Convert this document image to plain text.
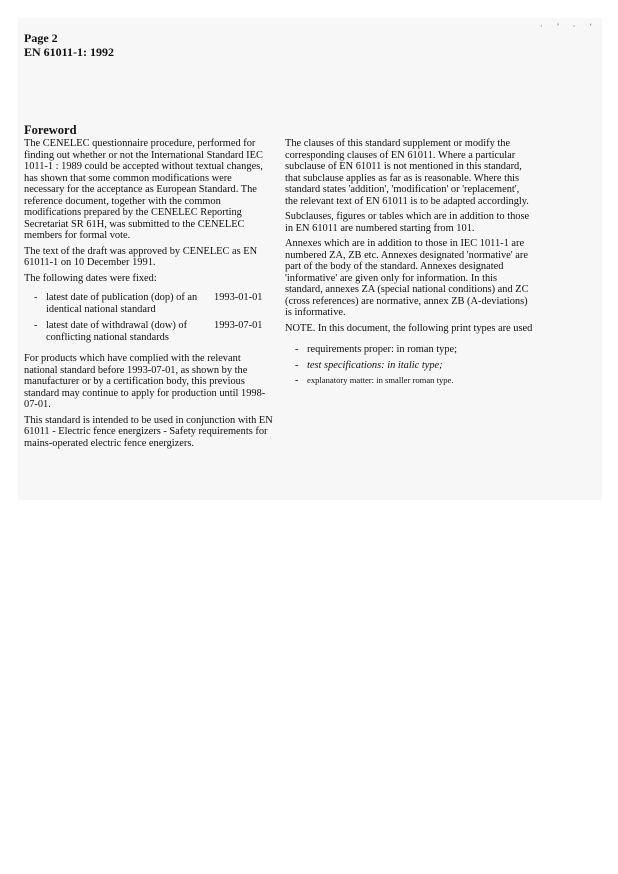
· ’ · ‘
Page 2
EN 61011-1: 1992
Foreword

The CENELEC questionnaire procedure, performed for finding out whether or not the International Standard IEC 1011-1 : 1989 could be accepted without textual changes, has shown that some common modifications were necessary for the acceptance as European Standard. The reference document, together with the common modifications prepared by the CENELEC Reporting Secretariat SR 61H, was submitted to the CENELEC members for formal vote.

The text of the draft was approved by CENELEC as EN 61011-1 on 10 December 1991.

The following dates were fixed:

- latest date of publication (dop) of an identical national standard
1993-01-01
- latest date of withdrawal (dow) of conflicting national standards
1993-07-01

For products which have complied with the relevant national standard before 1993-07-01, as shown by the manufacturer or by a certification body, this previous standard may continue to apply for production until 1998-07-01.

This standard is intended to be used in conjunction with EN 61011 - Electric fence energizers - Safety requirements for mains-operated electric fence energizers.

The clauses of this standard supplement or modify the corresponding clauses of EN 61011. Where a particular subclause of EN 61011 is not mentioned in this standard, that subclause applies as far as is reasonable. Where this standard states 'addition', 'modification' or 'replacement', the relevant text of EN 61011 is to be adapted accordingly.

Subclauses, figures or tables which are in addition to those in EN 61011 are numbered starting from 101.

Annexes which are in addition to those in IEC 1011-1 are numbered ZA, ZB etc. Annexes designated 'normative' are part of the body of the standard. Annexes designated 'informative' are given only for information. In this standard, annexes ZA (special national conditions) and ZC (cross references) are normative, annex ZB (A-deviations) is informative.

NOTE. In this document, the following print types are used

- requirements proper: in roman type;
- test specifications: in italic type;
- explanatory matter: in smaller roman type.
